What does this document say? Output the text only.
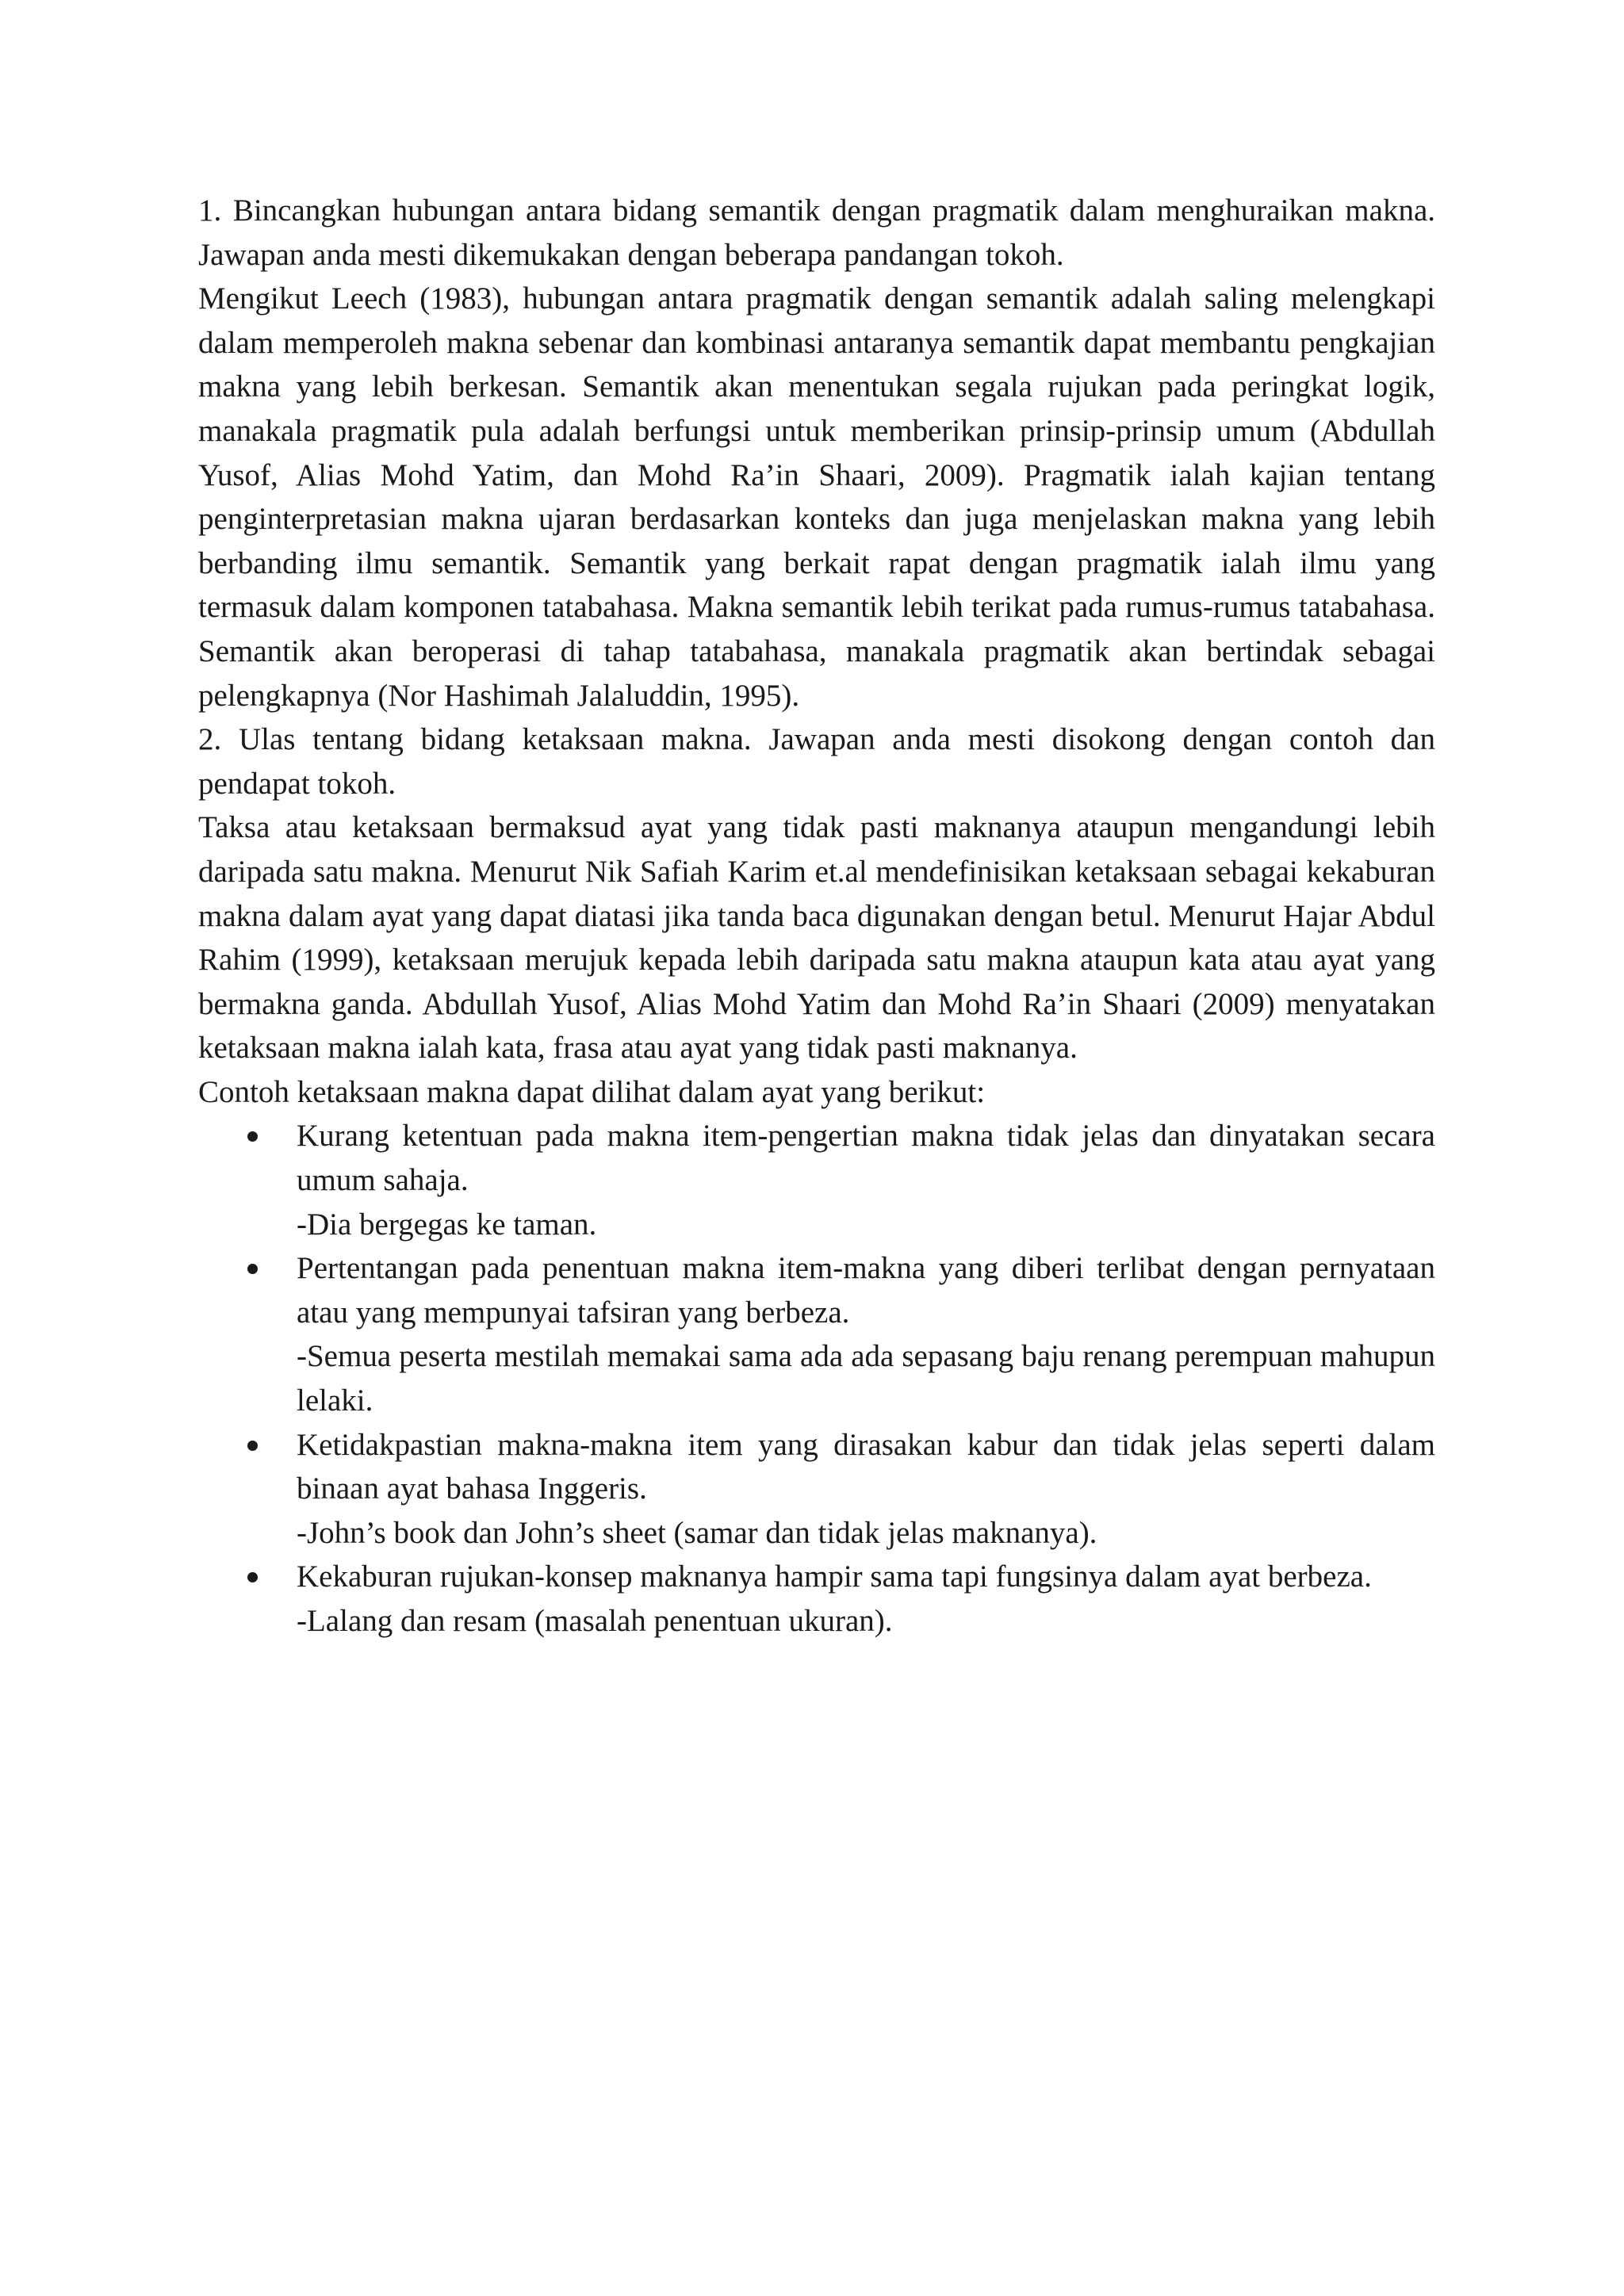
1. Bincangkan hubungan antara bidang semantik dengan pragmatik dalam menghuraikan makna. Jawapan anda mesti dikemukakan dengan beberapa pandangan tokoh.

Mengikut Leech (1983), hubungan antara pragmatik dengan semantik adalah saling melengkapi dalam memperoleh makna sebenar dan kombinasi antaranya semantik dapat membantu pengkajian makna yang lebih berkesan. Semantik akan menentukan segala rujukan pada peringkat logik, manakala pragmatik pula adalah berfungsi untuk memberikan prinsip-prinsip umum (Abdullah Yusof, Alias Mohd Yatim, dan Mohd Ra’in Shaari, 2009). Pragmatik ialah kajian tentang penginterpretasian makna ujaran berdasarkan konteks dan juga menjelaskan makna yang lebih berbanding ilmu semantik. Semantik yang berkait rapat dengan pragmatik ialah ilmu yang termasuk dalam komponen tatabahasa. Makna semantik lebih terikat pada rumus-rumus tatabahasa. Semantik akan beroperasi di tahap tatabahasa, manakala pragmatik akan bertindak sebagai pelengkapnya (Nor Hashimah Jalaluddin, 1995).

2. Ulas tentang bidang ketaksaan makna. Jawapan anda mesti disokong dengan contoh dan pendapat tokoh.

Taksa atau ketaksaan bermaksud ayat yang tidak pasti maknanya ataupun mengandungi lebih daripada satu makna. Menurut Nik Safiah Karim et.al mendefinisikan ketaksaan sebagai kekaburan makna dalam ayat yang dapat diatasi jika tanda baca digunakan dengan betul. Menurut Hajar Abdul Rahim (1999), ketaksaan merujuk kepada lebih daripada satu makna ataupun kata atau ayat yang bermakna ganda. Abdullah Yusof, Alias Mohd Yatim dan Mohd Ra’in Shaari (2009) menyatakan ketaksaan makna ialah kata, frasa atau ayat yang tidak pasti maknanya.

Contoh ketaksaan makna dapat dilihat dalam ayat yang berikut:

Kurang ketentuan pada makna item-pengertian makna tidak jelas dan dinyatakan secara umum sahaja.
-Dia bergegas ke taman.
Pertentangan pada penentuan makna item-makna yang diberi terlibat dengan pernyataan atau yang mempunyai tafsiran yang berbeza.
-Semua peserta mestilah memakai sama ada ada sepasang baju renang perempuan mahupun lelaki.
Ketidakpastian makna-makna item yang dirasakan kabur dan tidak jelas seperti dalam binaan ayat bahasa Inggeris.
-John’s book dan John’s sheet (samar dan tidak jelas maknanya).
Kekaburan rujukan-konsep maknanya hampir sama tapi fungsinya dalam ayat berbeza.
-Lalang dan resam (masalah penentuan ukuran).
